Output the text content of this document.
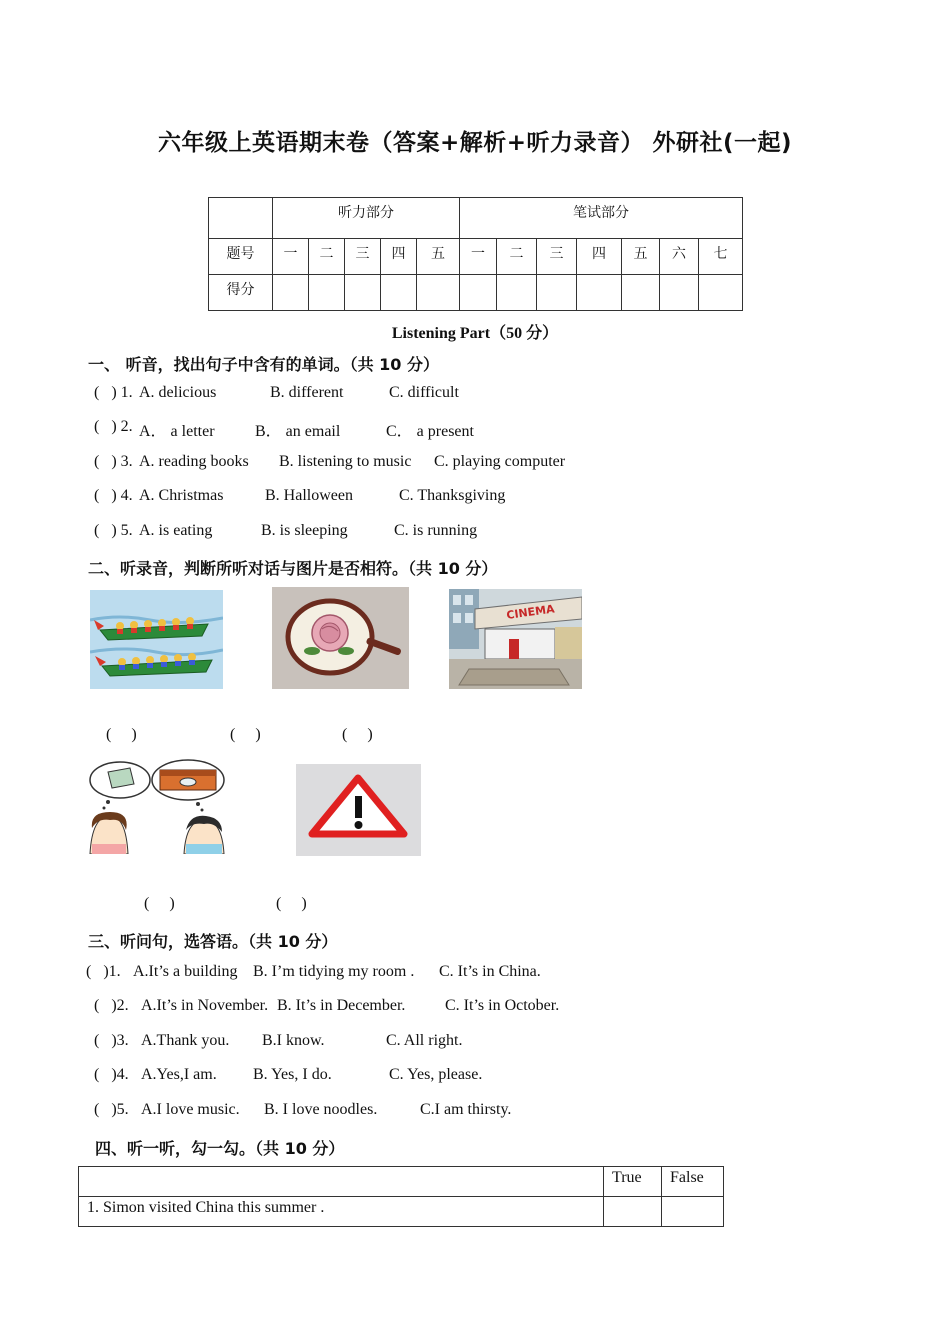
六年级上英语期末卷（答案+解析+听力录音） 外研社(一起)
	听力部分					笔试部分						
题号	一	二	三	四	五	一	二	三	四	五	六	七
得分												
Listening Part（50 分）
一、 听音，找出句子中含有的单词。（共 10 分）
(   ) 1. A. delicious	B. different	C. difficult
(   ) 2. A． a letter	B． an email	C． a present
(   ) 3. A. reading books B. listening to music C. playing computer
(   ) 4. A. Christmas	B. Halloween	C. Thanksgiving
(   ) 5. A. is eating	B. is sleeping	C. is running
二、听录音，判断所听对话与图片是否相符。（共 10 分）
CINEMA
(     )	(     )	(     )
(     )	(     )
三、听问句，选答语。（共 10 分）
(   )1. A.It’s a building B. I’m tidying my room . C. It’s in China.
(   )2. A.It’s in November. B. It’s in December. C. It’s in October.
(   )3. A.Thank you. B.I know.	C. All right.
(   )4. A.Yes,I am. B. Yes, I do.	C. Yes, please.
(   )5. A.I love music. B. I love noodles.	C.I am thirsty.
四、听一听，勾一勾。（共 10 分）
	True	False
1. Simon visited China this summer .		
